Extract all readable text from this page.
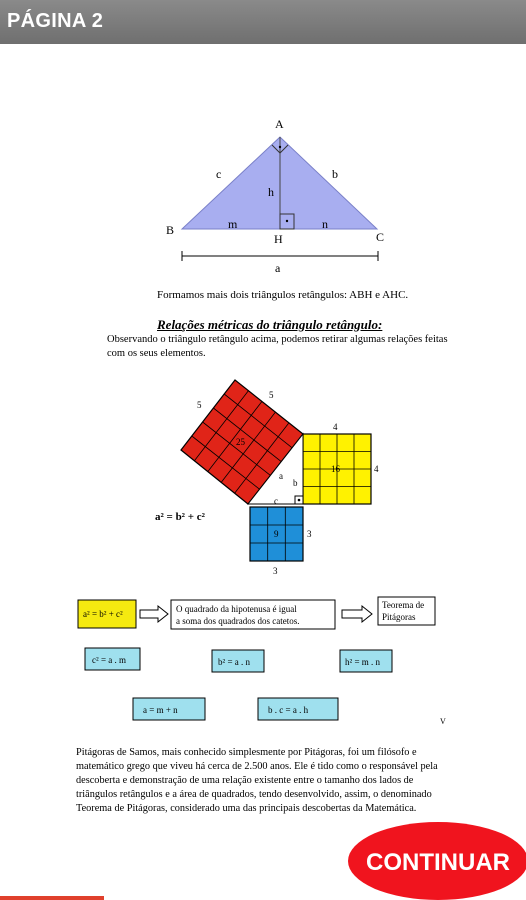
PÁGINA 2
A
B	C
H
c	b
h
m	n
a
Formamos mais dois triângulos retângulos: ABH e AHC.
Relações métricas do triângulo retângulo:
Observando o triângulo retângulo acima, podemos retirar algumas relações feitas
com os seus elementos.
5
5
25
4
4
16
3
3
9
a
b
c
a² = b² + c²
a² = b² + c²	O quadrado da hipotenusa é igual
a soma dos quadrados dos catetos.
Teorema de
Pitágoras
c² = a . m	b² = a . n	h² = m . n
a = m + n	b . c = a . h
V
Pitágoras de Samos, mais conhecido simplesmente por Pitágoras, foi um filósofo e
matemático grego que viveu há cerca de 2.500 anos. Ele é tido como o responsável pela
descoberta e demonstração de uma relação existente entre o tamanho dos lados de
triângulos retângulos e a área de quadrados, tendo desenvolvido, assim, o denominado
Teorema de Pitágoras, considerado uma das principais descobertas da Matemática.
CONTINUAR
